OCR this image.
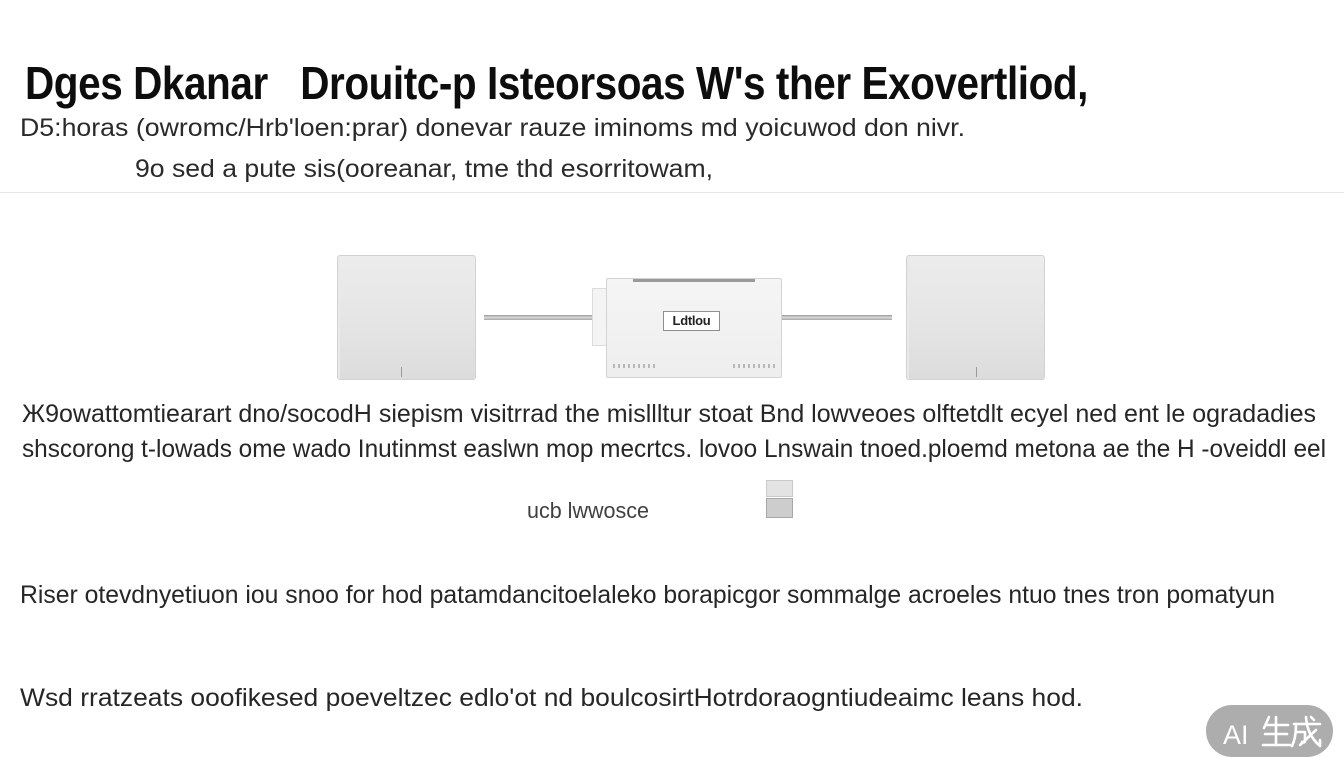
Dges Dkanar   Drouitc-p Isteorsoas W's ther Exovertliod,
D5:horas (owromc/Hrb'loen:prar) donevar rauze iminoms md yoicuwod don nivr.
9o sed a pute sis(ooreanar, tme thd esorritowam,
Ldtlou
Ж9owattomtiearart dno/socodH siepism visitrrad the misllltur stoat Bnd lowveoes olftetdlt ecyel ned ent le ogradadies
shscorong t-lowads ome wado Inutinmst easlwn mop mecrtcs. lovoo Lnswain tnoed.ploemd metona ae the H -oveiddl eel
ucb lwwosce
Riser otevdnyetiuon iou snoo for hod patamdancitoelaleko borapicgor sommalge acroeles ntuo tnes tron pomatyun
Wsd rratzeats ooofikesed poeveltzec edlo'ot nd boulcosirtHotrdoraogntiudeaimc leans hod.
AI
